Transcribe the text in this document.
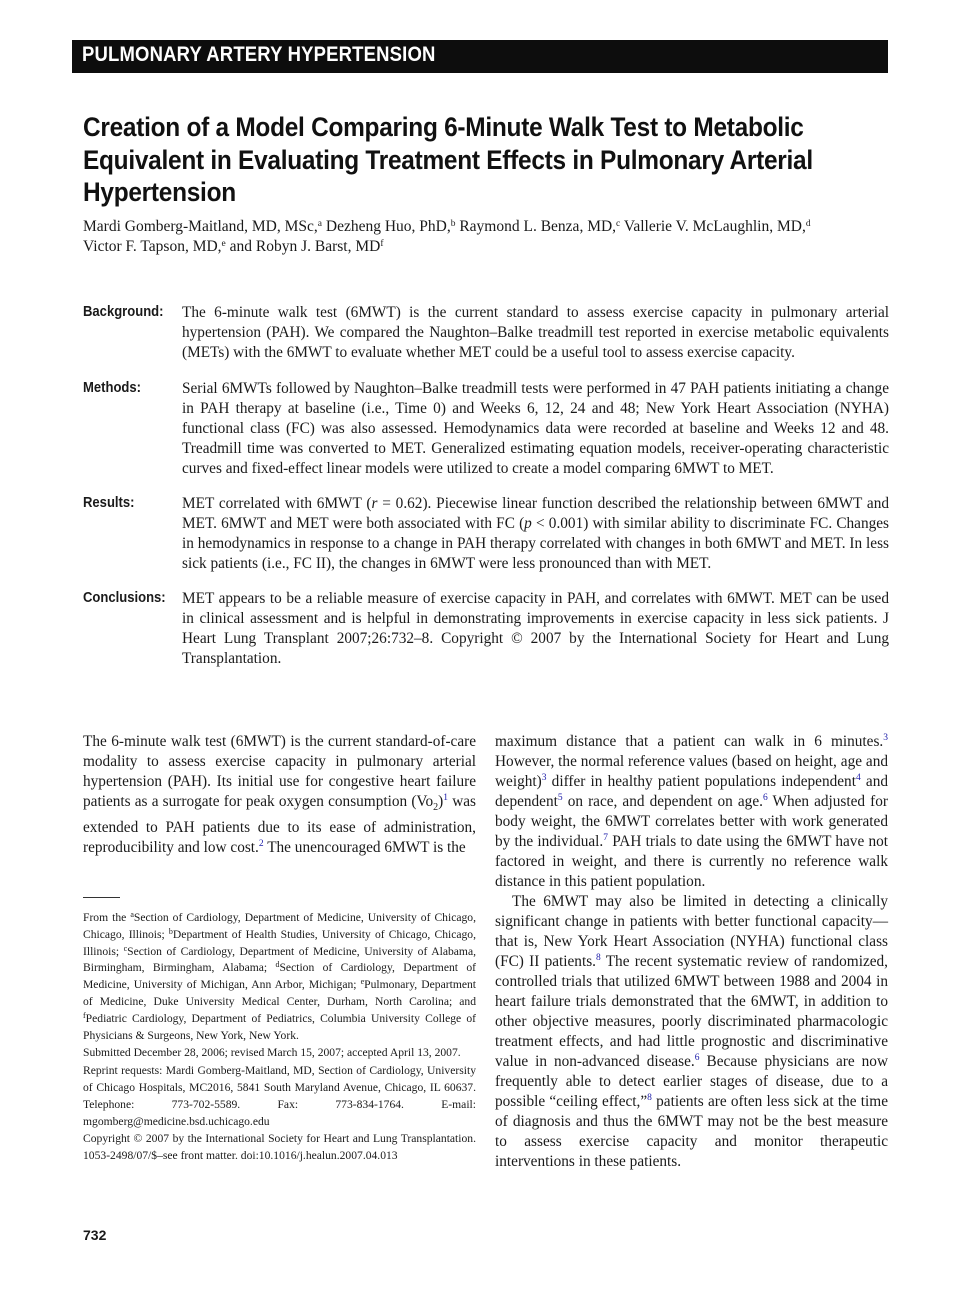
PULMONARY ARTERY HYPERTENSION
Creation of a Model Comparing 6-Minute Walk Test to Metabolic Equivalent in Evaluating Treatment Effects in Pulmonary Arterial Hypertension
Mardi Gomberg-Maitland, MD, MSc,$^a$ Dezheng Huo, PhD,$^b$ Raymond L. Benza, MD,$^c$ Vallerie V. McLaughlin, MD,$^d$
Victor F. Tapson, MD,$^e$ and Robyn J. Barst, $MD^f$
Background: The 6-minute walk test (6MWT) is the current standard to assess exercise capacity in pulmonary arterial hypertension (PAH). We compared the Naughton–Balke treadmill test reported in exercise metabolic equivalents (METs) with the 6MWT to evaluate whether MET could be a useful tool to assess exercise capacity.

Methods:	Serial 6MWTs followed by Naughton–Balke treadmill tests were performed in 47 PAH patients initiating a change in PAH therapy at baseline (i.e., Time 0) and Weeks 6, 12, 24 and 48; New York Heart Association (NYHA) functional class (FC) was also assessed. Hemodynamics data were recorded at baseline and Weeks 12 and 48. Treadmill time was converted to MET. Generalized estimating equation models, receiver-operating characteristic curves and fixed-effect linear models were utilized to create a model comparing 6MWT to MET.

Results:	MET correlated with 6MWT (r = 0.62). Piecewise linear function described the relationship between 6MWT and MET. 6MWT and MET were both associated with FC (p < 0.001) with similar ability to discriminate FC. Changes in hemodynamics in response to a change in PAH therapy correlated with changes in both 6MWT and MET. In less sick patients (i.e., FC II), the changes in 6MWT were less pronounced than with MET.

Conclusions: MET appears to be a reliable measure of exercise capacity in PAH, and correlates with 6MWT. MET can be used in clinical assessment and is helpful in demonstrating improvements in exercise capacity in less sick patients. J Heart Lung Transplant 2007;26:732–8. Copyright © 2007 by the International Society for Heart and Lung Transplantation.

The 6-minute walk test (6MWT) is the current standard-of-care modality to assess exercise capacity in pulmonary arterial hypertension (PAH). Its initial use for congestive heart failure patients as a surrogate for peak oxygen consumption $(Vo_2)^1$ was extended to PAH patients due to its ease of administration, reproducibility and low cost.$^2$ The unencouraged 6MWT is the

From the $^a$Section of Cardiology, Department of Medicine, University of Chicago, Chicago, Illinois; $^b$Department of Health Studies, University of Chicago, Chicago, Illinois; $^c$Section of Cardiology, Department of Medicine, University of Alabama, Birmingham, Birmingham, Alabama; $^d$Section of Cardiology, Department of Medicine, University of Michigan, Ann Arbor, Michigan; $^e$Pulmonary, Department of Medicine, Duke University Medical Center, Durham, North Carolina; and $^f$Pediatric Cardiology, Department of Pediatrics, Columbia University College of Physicians & Surgeons, New York, New York.

Submitted December 28, 2006; revised March 15, 2007; accepted April 13, 2007.

Reprint requests: Mardi Gomberg-Maitland, MD, Section of Cardiology, University of Chicago Hospitals, MC2016, 5841 South Maryland Avenue, Chicago, IL 60637. Telephone: 773-702-5589. Fax: 773-834-1764. E-mail: mgomberg@medicine.bsd.uchicago.edu

Copyright © 2007 by the International Society for Heart and Lung Transplantation. 1053-2498/07/$–see front matter. doi:10.1016/j.healun.2007.04.013

maximum distance that a patient can walk in 6 minutes.$^3$ However, the normal reference values (based on height, age and weight)$^3$ differ in healthy patient populations independent$^4$ and dependent$^5$ on race, and dependent on age.$^6$ When adjusted for body weight, the 6MWT correlates better with work generated by the individual.$^7$ PAH trials to date using the 6MWT have not factored in weight, and there is currently no reference walk distance in this patient population.

The 6MWT may also be limited in detecting a clinically significant change in patients with better functional capacity—that is, New York Heart Association (NYHA) functional class (FC) II patients.$^8$ The recent systematic review of randomized, controlled trials that utilized 6MWT between 1988 and 2004 in heart failure trials demonstrated that the 6MWT, in addition to other objective measures, poorly discriminated pharmacologic treatment effects, and had little prognostic and discriminative value in non-advanced disease.$^6$ Because physicians are now frequently able to detect earlier stages of disease, due to a possible “ceiling effect,”$^8$ patients are often less sick at the time of diagnosis and thus the 6MWT may not be the best measure to assess exercise capacity and monitor therapeutic interventions in these patients.

732
